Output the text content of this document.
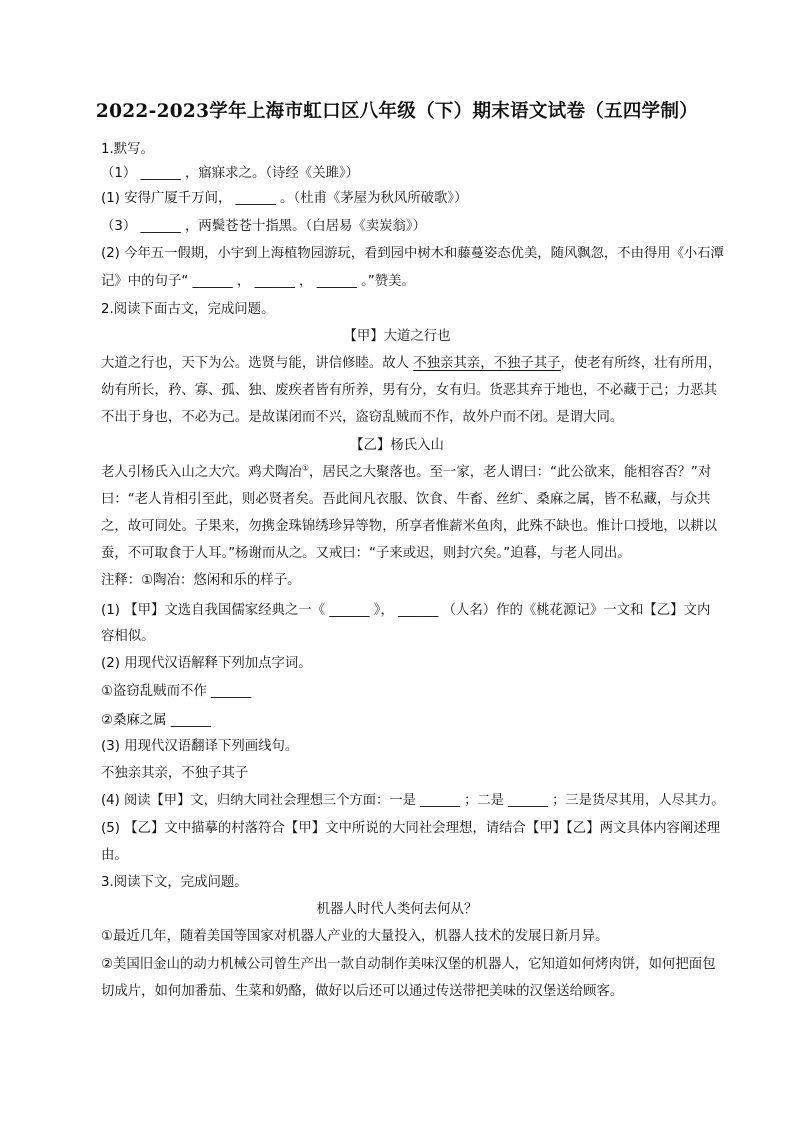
2022-2023学年上海市虹口区八年级（下）期末语文试卷（五四学制）
1.默写。
（1） ______ ，寤寐求之。（诗经《关雎》）
(1) 安得广厦千万间， ______ 。（杜甫《茅屋为秋风所破歌》）
（3） ______ ，两鬓苍苍十指黑。（白居易《卖炭翁》）
(2) 今年五一假期，小宇到上海植物园游玩，看到园中树木和藤蔓姿态优美，随风飘忽，不由得用《小石潭
记》中的句子“ ______ ， ______ ， ______ 。”赞美。
2.阅读下面古文，完成问题。
【甲】大道之行也
大道之行也，天下为公。选贤与能，讲信修睦。故人 不独亲其亲，不独子其子，使老有所终，壮有所用，
幼有所长，矜、寡、孤、独、废疾者皆有所养，男有分，女有归。货恶其弃于地也，不必藏于己；力恶其
不出于身也，不必为己。是故谋闭而不兴，盗窃乱贼而不作，故外户而不闭。是谓大同。
【乙】杨氏入山
老人引杨氏入山之大穴。鸡犬陶冶①，居民之大聚落也。至一家，老人谓曰：“此公欲来，能相容否？”对
曰：“老人肯相引至此，则必贤者矣。吾此间凡衣服、饮食、牛畜、丝纩、桑麻之属，皆不私藏，与众共
之，故可同处。子果来，勿携金珠锦绣珍异等物，所享者惟薪米鱼肉，此殊不缺也。惟计口授地，以耕以
蚕，不可取食于人耳。”杨谢而从之。又戒曰：“子来或迟，则封穴矣。”迫暮，与老人同出。
注释：①陶冶：悠闲和乐的样子。
(1) 【甲】文选自我国儒家经典之一《 ______ 》， ______ （人名）作的《桃花源记》一文和【乙】文内
容相似。
(2) 用现代汉语解释下列加点字词。
①盗窃乱贼而不作 ______
②桑麻之属 ______
(3) 用现代汉语翻译下列画线句。
不独亲其亲，不独子其子
(4) 阅读【甲】文，归纳大同社会理想三个方面：一是 ______ ；二是 ______ ；三是货尽其用，人尽其力。
(5) 【乙】文中描摹的村落符合【甲】文中所说的大同社会理想，请结合【甲】【乙】两文具体内容阐述理
由。
3.阅读下文，完成问题。
机器人时代人类何去何从？
①最近几年，随着美国等国家对机器人产业的大量投入，机器人技术的发展日新月异。
②美国旧金山的动力机械公司曾生产出一款自动制作美味汉堡的机器人，它知道如何烤肉饼，如何把面包
切成片，如何加番茄、生菜和奶酪，做好以后还可以通过传送带把美味的汉堡送给顾客。
